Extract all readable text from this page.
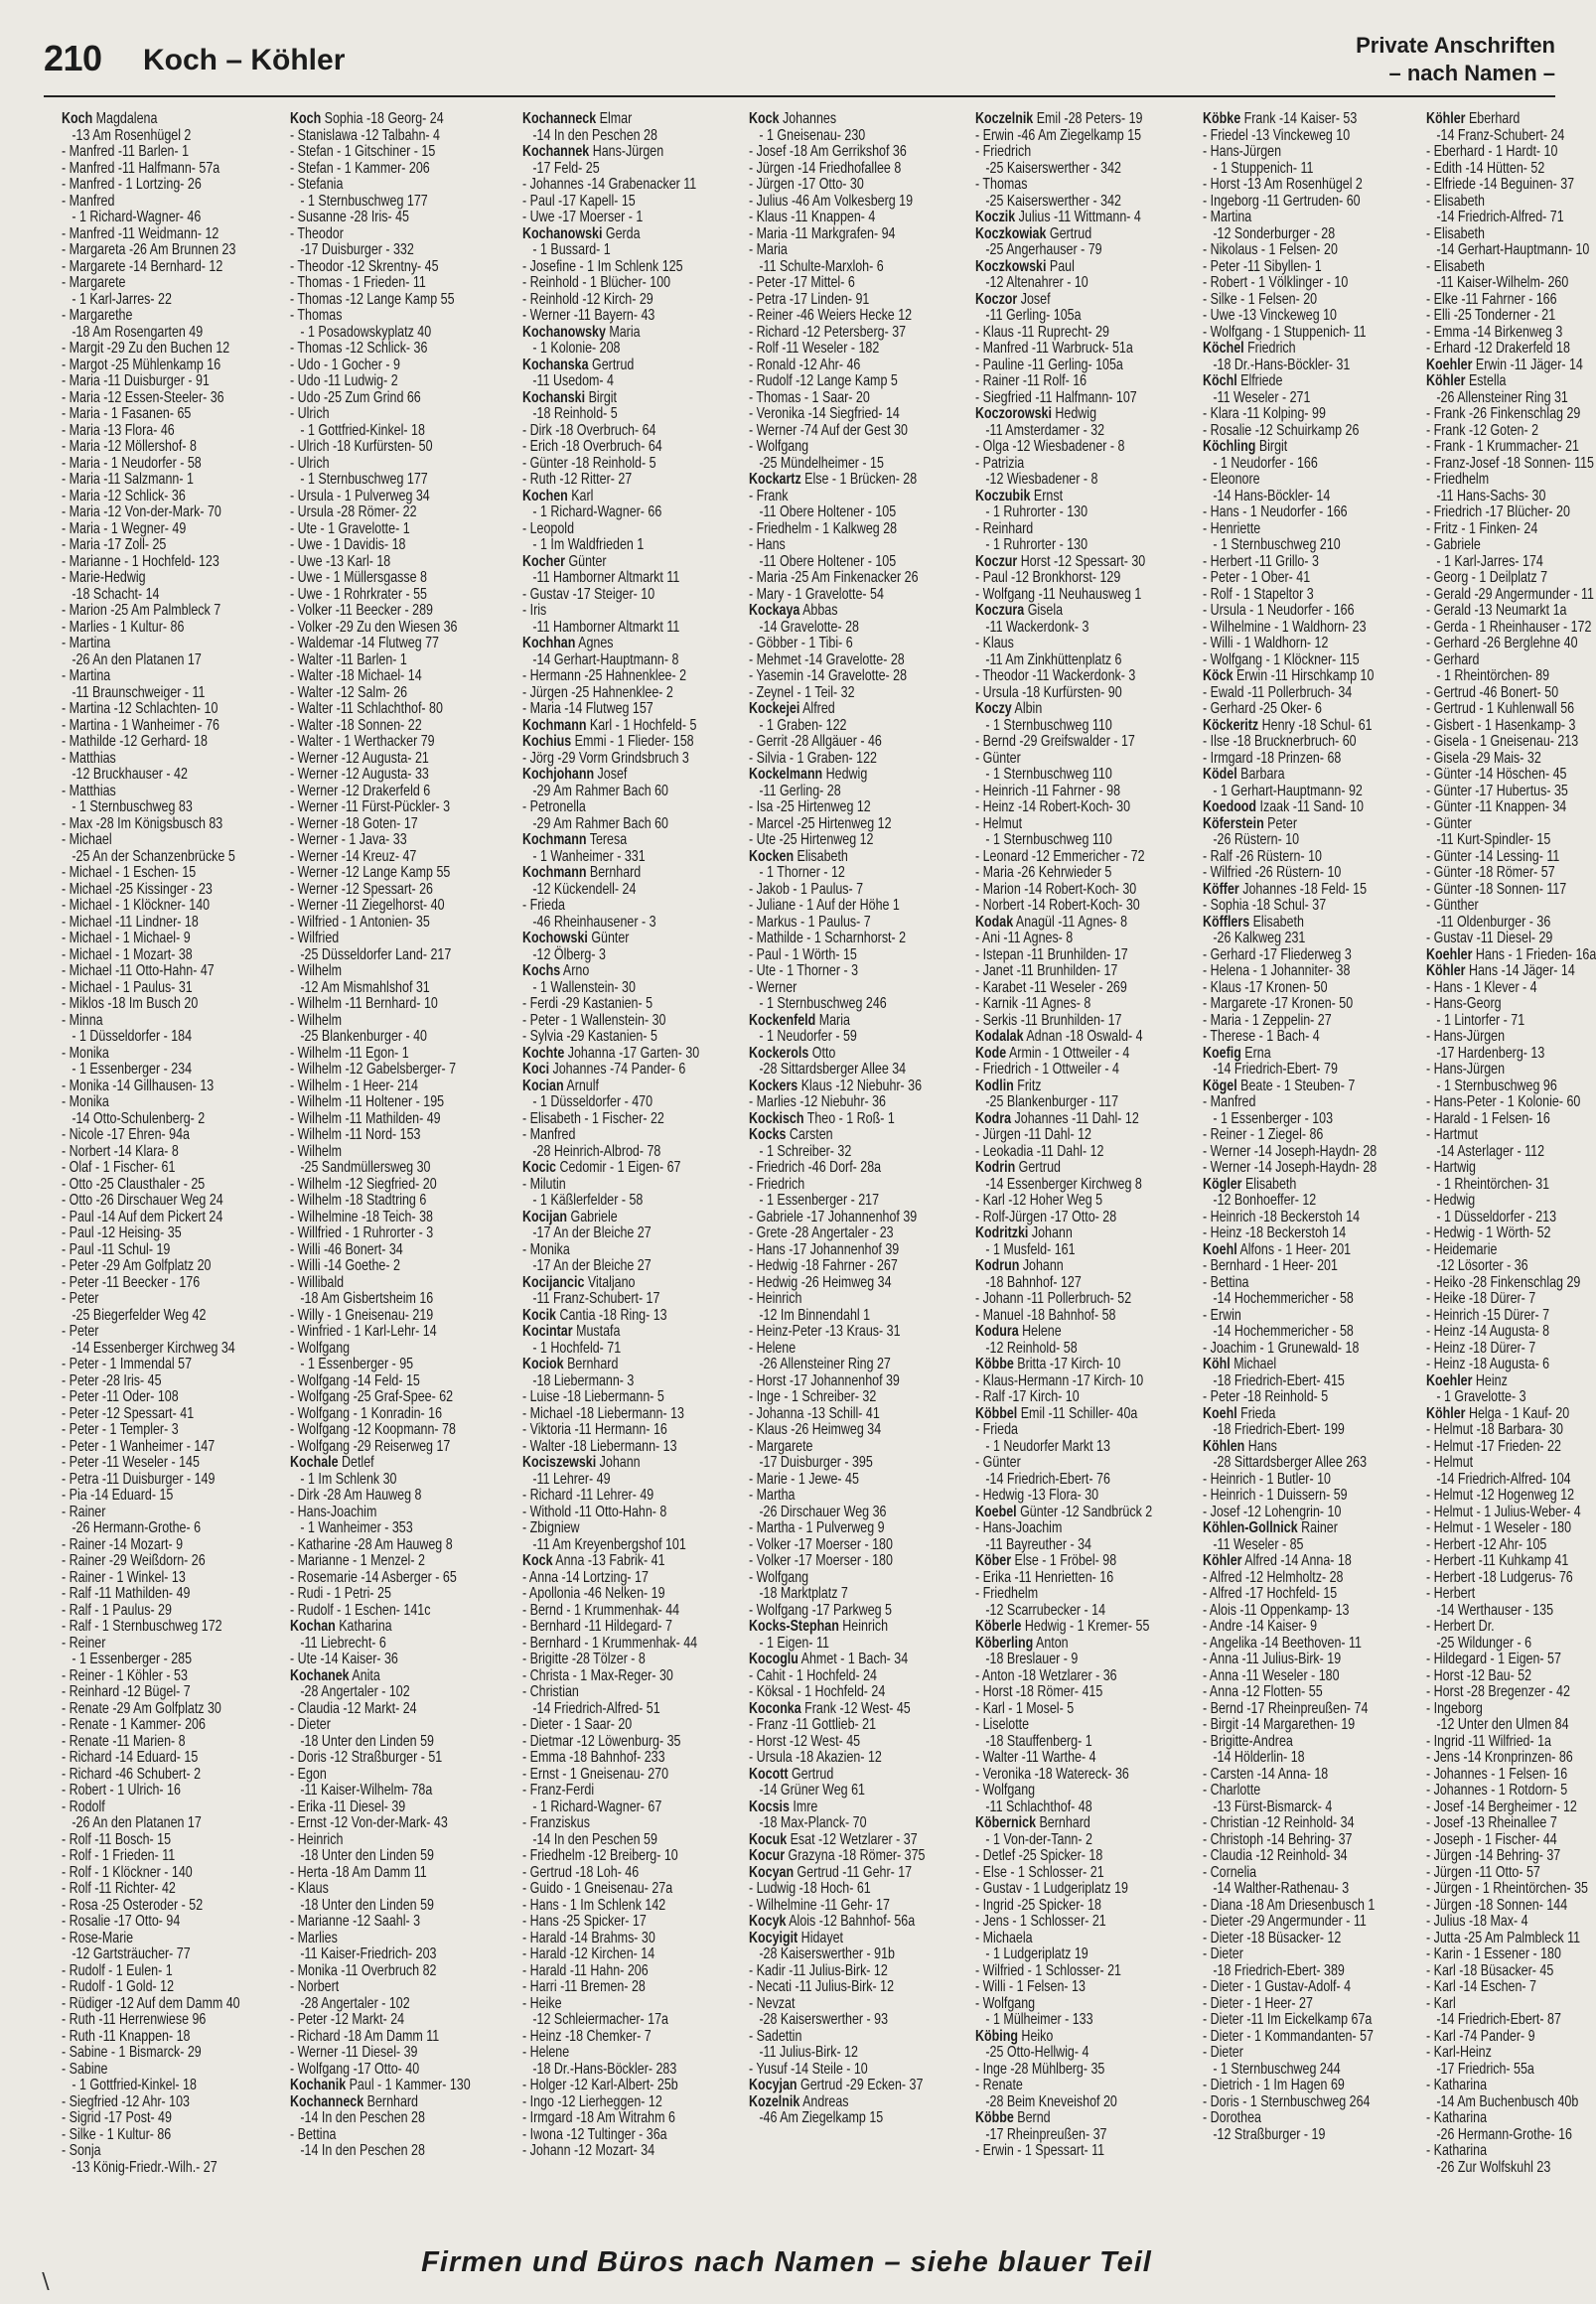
210 Koch – Köhler	Private Anschriften
– nach Namen –
Koch Magdalena
-13 Am Rosenhügel 2
- Manfred -11 Barlen- 1
- Manfred -11 Halfmann- 57a
- Manfred - 1 Lortzing- 26
- Manfred
- 1 Richard-Wagner- 46
- Manfred -11 Weidmann- 12
- Margareta -26 Am Brunnen 23
- Margarete -14 Bernhard- 12
- Margarete
- 1 Karl-Jarres- 22
- Margarethe
-18 Am Rosengarten 49
- Margit -29 Zu den Buchen 12
- Margot -25 Mühlenkamp 16
- Maria -11 Duisburger - 91
- Maria -12 Essen-Steeler- 36
- Maria - 1 Fasanen- 65
- Maria -13 Flora- 46
- Maria -12 Möllershof- 8
- Maria - 1 Neudorfer - 58
- Maria -11 Salzmann- 1
- Maria -12 Schlick- 36
- Maria -12 Von-der-Mark- 70
- Maria - 1 Wegner- 49
- Maria -17 Zoll- 25
- Marianne - 1 Hochfeld- 123
- Marie-Hedwig
-18 Schacht- 14
- Marion -25 Am Palmbleck 7
- Marlies - 1 Kultur- 86
- Martina
-26 An den Platanen 17
- Martina
-11 Braunschweiger - 11
- Martina -12 Schlachten- 10
- Martina - 1 Wanheimer - 76
- Mathilde -12 Gerhard- 18
- Matthias
-12 Bruckhauser - 42
- Matthias
- 1 Sternbuschweg 83
- Max -28 Im Königsbusch 83
- Michael
-25 An der Schanzenbrücke 5
- Michael - 1 Eschen- 15
- Michael -25 Kissinger - 23
- Michael - 1 Klöckner- 140
- Michael -11 Lindner- 18
- Michael - 1 Michael- 9
- Michael - 1 Mozart- 38
- Michael -11 Otto-Hahn- 47
- Michael - 1 Paulus- 31
- Miklos -18 Im Busch 20
- Minna
- 1 Düsseldorfer - 184
- Monika
- 1 Essenberger - 234
- Monika -14 Gillhausen- 13
- Monika
-14 Otto-Schulenberg- 2
- Nicole -17 Ehren- 94a
- Norbert -14 Klara- 8
- Olaf - 1 Fischer- 61
- Otto -25 Clausthaler - 25
- Otto -26 Dirschauer Weg 24
- Paul -14 Auf dem Pickert 24
- Paul -12 Heising- 35
- Paul -11 Schul- 19
- Peter -29 Am Golfplatz 20
- Peter -11 Beecker - 176
- Peter
-25 Biegerfelder Weg 42
- Peter
-14 Essenberger Kirchweg 34
- Peter - 1 Immendal 57
- Peter -28 Iris- 45
- Peter -11 Oder- 108
- Peter -12 Spessart- 41
- Peter - 1 Templer- 3
- Peter - 1 Wanheimer - 147
- Peter -11 Weseler - 145
- Petra -11 Duisburger - 149
- Pia -14 Eduard- 15
- Rainer
-26 Hermann-Grothe- 6
- Rainer -14 Mozart- 9
- Rainer -29 Weißdorn- 26
- Rainer - 1 Winkel- 13
- Ralf -11 Mathilden- 49
- Ralf - 1 Paulus- 29
- Ralf - 1 Sternbuschweg 172
- Reiner
- 1 Essenberger - 285
- Reiner - 1 Köhler - 53
- Reinhard -12 Bügel- 7
- Renate -29 Am Golfplatz 30
- Renate - 1 Kammer- 206
- Renate -11 Marien- 8
- Richard -14 Eduard- 15
- Richard -46 Schubert- 2
- Robert - 1 Ulrich- 16
- Rodolf
-26 An den Platanen 17
- Rolf -11 Bosch- 15
- Rolf - 1 Frieden- 11
- Rolf - 1 Klöckner - 140
- Rolf -11 Richter- 42
- Rosa -25 Osteroder - 52
- Rosalie -17 Otto- 94
- Rose-Marie
-12 Gartsträucher- 77
- Rudolf - 1 Eulen- 1
- Rudolf - 1 Gold- 12
- Rüdiger -12 Auf dem Damm 40
- Ruth -11 Herrenwiese 96
- Ruth -11 Knappen- 18
- Sabine - 1 Bismarck- 29
- Sabine
- 1 Gottfried-Kinkel- 18
- Siegfried -12 Ahr- 103
- Sigrid -17 Post- 49
- Silke - 1 Kultur- 86
- Sonja
-13 König-Friedr.-Wilh.- 27
Koch Sophia -18 Georg- 24
- Stanislawa -12 Talbahn- 4
- Stefan - 1 Gitschiner - 15
- Stefan - 1 Kammer- 206
- Stefania
- 1 Sternbuschweg 177
- Susanne -28 Iris- 45
- Theodor
-17 Duisburger - 332
- Theodor -12 Skrentny- 45
- Thomas - 1 Frieden- 11
- Thomas -12 Lange Kamp 55
- Thomas
- 1 Posadowskyplatz 40
- Thomas -12 Schlick- 36
- Udo - 1 Gocher - 9
- Udo -11 Ludwig- 2
- Udo -25 Zum Grind 66
- Ulrich
- 1 Gottfried-Kinkel- 18
- Ulrich -18 Kurfürsten- 50
- Ulrich
- 1 Sternbuschweg 177
- Ursula - 1 Pulverweg 34
- Ursula -28 Römer- 22
- Ute - 1 Gravelotte- 1
- Uwe - 1 Davidis- 18
- Uwe -13 Karl- 18
- Uwe - 1 Müllersgasse 8
- Uwe - 1 Rohrkrater - 55
- Volker -11 Beecker - 289
- Volker -29 Zu den Wiesen 36
- Waldemar -14 Flutweg 77
- Walter -11 Barlen- 1
- Walter -18 Michael- 14
- Walter -12 Salm- 26
- Walter -11 Schlachthof- 80
- Walter -18 Sonnen- 22
- Walter - 1 Werthacker 79
- Werner -12 Augusta- 21
- Werner -12 Augusta- 33
- Werner -12 Drakerfeld 6
- Werner -11 Fürst-Pückler- 3
- Werner -18 Goten- 17
- Werner - 1 Java- 33
- Werner -14 Kreuz- 47
- Werner -12 Lange Kamp 55
- Werner -12 Spessart- 26
- Werner -11 Ziegelhorst- 40
- Wilfried - 1 Antonien- 35
- Wilfried
-25 Düsseldorfer Land- 217
- Wilhelm
-12 Am Mismahlshof 31
- Wilhelm -11 Bernhard- 10
- Wilhelm
-25 Blankenburger - 40
- Wilhelm -11 Egon- 1
- Wilhelm -12 Gabelsberger- 7
- Wilhelm - 1 Heer- 214
- Wilhelm -11 Holtener - 195
- Wilhelm -11 Mathilden- 49
- Wilhelm -11 Nord- 153
- Wilhelm
-25 Sandmüllersweg 30
- Wilhelm -12 Siegfried- 20
- Wilhelm -18 Stadtring 6
- Wilhelmine -18 Teich- 38
- Willfried - 1 Ruhrorter - 3
- Willi -46 Bonert- 34
- Willi -14 Goethe- 2
- Willibald
-18 Am Gisbertsheim 16
- Willy - 1 Gneisenau- 219
- Winfried - 1 Karl-Lehr- 14
- Wolfgang
- 1 Essenberger - 95
- Wolfgang -14 Feld- 15
- Wolfgang -25 Graf-Spee- 62
- Wolfgang - 1 Konradin- 16
- Wolfgang -12 Koopmann- 78
- Wolfgang -29 Reiserweg 17
Kochale Detlef
- 1 Im Schlenk 30
- Dirk -28 Am Hauweg 8
- Hans-Joachim
- 1 Wanheimer - 353
- Katharine -28 Am Hauweg 8
- Marianne - 1 Menzel- 2
- Rosemarie -14 Asberger - 65
- Rudi - 1 Petri- 25
- Rudolf - 1 Eschen- 141c
Kochan Katharina
-11 Liebrecht- 6
- Ute -14 Kaiser- 36
Kochanek Anita
-28 Angertaler - 102
- Claudia -12 Markt- 24
- Dieter
-18 Unter den Linden 59
- Doris -12 Straßburger - 51
- Egon
-11 Kaiser-Wilhelm- 78a
- Erika -11 Diesel- 39
- Ernst -12 Von-der-Mark- 43
- Heinrich
-18 Unter den Linden 59
- Herta -18 Am Damm 11
- Klaus
-18 Unter den Linden 59
- Marianne -12 Saahl- 3
- Marlies
-11 Kaiser-Friedrich- 203
- Monika -11 Overbruch 82
- Norbert
-28 Angertaler - 102
- Peter -12 Markt- 24
- Richard -18 Am Damm 11
- Werner -11 Diesel- 39
- Wolfgang -17 Otto- 40
Kochanik Paul - 1 Kammer- 130
Kochanneck Bernhard
-14 In den Peschen 28
- Bettina
-14 In den Peschen 28
Kochanneck Elmar
-14 In den Peschen 28
Kochannek Hans-Jürgen
-17 Feld- 25
- Johannes -14 Grabenacker 11
- Paul -17 Kapell- 15
- Uwe -17 Moerser - 1
Kochanowski Gerda
- 1 Bussard- 1
- Josefine - 1 Im Schlenk 125
- Reinhold - 1 Blücher- 100
- Reinhold -12 Kirch- 29
- Werner -11 Bayern- 43
Kochanowsky Maria
- 1 Kolonie- 208
Kochanska Gertrud
-11 Usedom- 4
Kochanski Birgit
-18 Reinhold- 5
- Dirk -18 Overbruch- 64
- Erich -18 Overbruch- 64
- Günter -18 Reinhold- 5
- Ruth -12 Ritter- 27
Kochen Karl
- 1 Richard-Wagner- 66
- Leopold
- 1 Im Waldfrieden 1
Kocher Günter
-11 Hamborner Altmarkt 11
- Gustav -17 Steiger- 10
- Iris
-11 Hamborner Altmarkt 11
Kochhan Agnes
-14 Gerhart-Hauptmann- 8
- Hermann -25 Hahnenklee- 2
- Jürgen -25 Hahnenklee- 2
- Maria -14 Flutweg 157
Kochmann Karl - 1 Hochfeld- 5
Kochius Emmi - 1 Flieder- 158
- Jörg -29 Vorm Grindsbruch 3
Kochjohann Josef
-29 Am Rahmer Bach 60
- Petronella
-29 Am Rahmer Bach 60
Kochmann Teresa
- 1 Wanheimer - 331
Kochmann Bernhard
-12 Kückendell- 24
- Frieda
-46 Rheinhausener - 3
Kochowski Günter
-12 Ölberg- 3
Kochs Arno
- 1 Wallenstein- 30
- Ferdi -29 Kastanien- 5
- Peter - 1 Wallenstein- 30
- Sylvia -29 Kastanien- 5
Kochte Johanna -17 Garten- 30
Koci Johannes -74 Pander- 6
Kocian Arnulf
- 1 Düsseldorfer - 470
- Elisabeth - 1 Fischer- 22
- Manfred
-28 Heinrich-Albrod- 78
Kocic Cedomir - 1 Eigen- 67
- Milutin
- 1 Käßlerfelder - 58
Kocijan Gabriele
-17 An der Bleiche 27
- Monika
-17 An der Bleiche 27
Kocijancic Vitaljano
-11 Franz-Schubert- 17
Kocik Cantia -18 Ring- 13
Kocintar Mustafa
- 1 Hochfeld- 71
Kociok Bernhard
-18 Liebermann- 3
- Luise -18 Liebermann- 5
- Michael -18 Liebermann- 13
- Viktoria -11 Hermann- 16
- Walter -18 Liebermann- 13
Kociszewski Johann
-11 Lehrer- 49
- Richard -11 Lehrer- 49
- Withold -11 Otto-Hahn- 8
- Zbigniew
-11 Am Kreyenbergshof 101
Kock Anna -13 Fabrik- 41
- Anna -14 Lortzing- 17
- Apollonia -46 Nelken- 19
- Bernd - 1 Krummenhak- 44
- Bernhard -11 Hildegard- 7
- Bernhard - 1 Krummenhak- 44
- Brigitte -28 Tölzer - 8
- Christa - 1 Max-Reger- 30
- Christian
-14 Friedrich-Alfred- 51
- Dieter - 1 Saar- 20
- Dietmar -12 Löwenburg- 35
- Emma -18 Bahnhof- 233
- Ernst - 1 Gneisenau- 270
- Franz-Ferdi
- 1 Richard-Wagner- 67
- Franziskus
-14 In den Peschen 59
- Friedhelm -12 Breiberg- 10
- Gertrud -18 Loh- 46
- Guido - 1 Gneisenau- 27a
- Hans - 1 Im Schlenk 142
- Hans -25 Spicker- 17
- Harald -14 Brahms- 30
- Harald -12 Kirchen- 14
- Harald -11 Hahn- 206
- Harri -11 Bremen- 28
- Heike
-12 Schleiermacher- 17a
- Heinz -18 Chemker- 7
- Helene
-18 Dr.-Hans-Böckler- 283
- Holger -12 Karl-Albert- 25b
- Ingo -12 Lierheggen- 12
- Irmgard -18 Am Witrahm 6
- Iwona -12 Tultinger - 36a
- Johann -12 Mozart- 34
Kock Johannes
- 1 Gneisenau- 230
- Josef -18 Am Gerrikshof 36
- Jürgen -14 Friedhofallee 8
- Jürgen -17 Otto- 30
- Julius -46 Am Volkesberg 19
- Klaus -11 Knappen- 4
- Maria -11 Markgrafen- 94
- Maria
-11 Schulte-Marxloh- 6
- Peter -17 Mittel- 6
- Petra -17 Linden- 91
- Reiner -46 Weiers Hecke 12
- Richard -12 Petersberg- 37
- Rolf -11 Weseler - 182
- Ronald -12 Ahr- 46
- Rudolf -12 Lange Kamp 5
- Thomas - 1 Saar- 20
- Veronika -14 Siegfried- 14
- Werner -74 Auf der Gest 30
- Wolfgang
-25 Mündelheimer - 15
Kockartz Else - 1 Brücken- 28
- Frank
-11 Obere Holtener - 105
- Friedhelm - 1 Kalkweg 28
- Hans
-11 Obere Holtener - 105
- Maria -25 Am Finkenacker 26
- Mary - 1 Gravelotte- 54
Kockaya Abbas
-14 Gravelotte- 28
- Göbber - 1 Tibi- 6
- Mehmet -14 Gravelotte- 28
- Yasemin -14 Gravelotte- 28
- Zeynel - 1 Teil- 32
Kockejei Alfred
- 1 Graben- 122
- Gerrit -28 Allgäuer - 46
- Silvia - 1 Graben- 122
Kockelmann Hedwig
-11 Gerling- 28
- Isa -25 Hirtenweg 12
- Marcel -25 Hirtenweg 12
- Ute -25 Hirtenweg 12
Kocken Elisabeth
- 1 Thorner - 12
- Jakob - 1 Paulus- 7
- Juliane - 1 Auf der Höhe 1
- Markus - 1 Paulus- 7
- Mathilde - 1 Scharnhorst- 2
- Paul - 1 Wörth- 15
- Ute - 1 Thorner - 3
- Werner
- 1 Sternbuschweg 246
Kockenfeld Maria
- 1 Neudorfer - 59
Kockerols Otto
-28 Sittardsberger Allee 34
Kockers Klaus -12 Niebuhr- 36
- Marlies -12 Niebuhr- 36
Kockisch Theo - 1 Roß- 1
Kocks Carsten
- 1 Schreiber- 32
- Friedrich -46 Dorf- 28a
- Friedrich
- 1 Essenberger - 217
- Gabriele -17 Johannenhof 39
- Grete -28 Angertaler - 23
- Hans -17 Johannenhof 39
- Hedwig -18 Fahrner - 267
- Hedwig -26 Heimweg 34
- Heinrich
-12 Im Binnendahl 1
- Heinz-Peter -13 Kraus- 31
- Helene
-26 Allensteiner Ring 27
- Horst -17 Johannenhof 39
- Inge - 1 Schreiber- 32
- Johanna -13 Schill- 41
- Klaus -26 Heimweg 34
- Margarete
-17 Duisburger - 395
- Marie - 1 Jewe- 45
- Martha
-26 Dirschauer Weg 36
- Martha - 1 Pulverweg 9
- Volker -17 Moerser - 180
- Volker -17 Moerser - 180
- Wolfgang
-18 Marktplatz 7
- Wolfgang -17 Parkweg 5
Kocks-Stephan Heinrich
- 1 Eigen- 11
Kocoglu Ahmet - 1 Bach- 34
- Cahit - 1 Hochfeld- 24
- Köksal - 1 Hochfeld- 24
Koconka Frank -12 West- 45
- Franz -11 Gottlieb- 21
- Horst -12 West- 45
- Ursula -18 Akazien- 12
Kocott Gertrud
-14 Grüner Weg 61
Kocsis Imre
-18 Max-Planck- 70
Kocuk Esat -12 Wetzlarer - 37
Kocur Grazyna -18 Römer- 375
Kocyan Gertrud -11 Gehr- 17
- Ludwig -18 Hoch- 61
- Wilhelmine -11 Gehr- 17
Kocyk Alois -12 Bahnhof- 56a
Kocyigit Hidayet
-28 Kaiserswerther - 91b
- Kadir -11 Julius-Birk- 12
- Necati -11 Julius-Birk- 12
- Nevzat
-28 Kaiserswerther - 93
- Sadettin
-11 Julius-Birk- 12
- Yusuf -14 Steile - 10
Kocyjan Gertrud -29 Ecken- 37
Kozelnik Andreas
-46 Am Ziegelkamp 15
Koczelnik Emil -28 Peters- 19
- Erwin -46 Am Ziegelkamp 15
- Friedrich
-25 Kaiserswerther - 342
- Thomas
-25 Kaiserswerther - 342
Koczik Julius -11 Wittmann- 4
Koczkowiak Gertrud
-25 Angerhauser - 79
Koczkowski Paul
-12 Altenahrer - 10
Koczor Josef
-11 Gerling- 105a
- Klaus -11 Ruprecht- 29
- Manfred -11 Warbruck- 51a
- Pauline -11 Gerling- 105a
- Rainer -11 Rolf- 16
- Siegfried -11 Halfmann- 107
Koczorowski Hedwig
-11 Amsterdamer - 32
- Olga -12 Wiesbadener - 8
- Patrizia
-12 Wiesbadener - 8
Koczubik Ernst
- 1 Ruhrorter - 130
- Reinhard
- 1 Ruhrorter - 130
Koczur Horst -12 Spessart- 30
- Paul -12 Bronkhorst- 129
- Wolfgang -11 Neuhausweg 1
Koczura Gisela
-11 Wackerdonk- 3
- Klaus
-11 Am Zinkhüttenplatz 6
- Theodor -11 Wackerdonk- 3
- Ursula -18 Kurfürsten- 90
Koczy Albin
- 1 Sternbuschweg 110
- Bernd -29 Greifswalder - 17
- Günter
- 1 Sternbuschweg 110
- Heinrich -11 Fahrner - 98
- Heinz -14 Robert-Koch- 30
- Helmut
- 1 Sternbuschweg 110
- Leonard -12 Emmericher - 72
- Maria -26 Kehrwieder 5
- Marion -14 Robert-Koch- 30
- Norbert -14 Robert-Koch- 30
Kodak Anagül -11 Agnes- 8
- Ani -11 Agnes- 8
- Istepan -11 Brunhilden- 17
- Janet -11 Brunhilden- 17
- Karabet -11 Weseler - 269
- Karnik -11 Agnes- 8
- Serkis -11 Brunhilden- 17
Kodalak Adnan -18 Oswald- 4
Kode Armin - 1 Ottweiler - 4
- Friedrich - 1 Ottweiler - 4
Kodlin Fritz
-25 Blankenburger - 117
Kodra Johannes -11 Dahl- 12
- Jürgen -11 Dahl- 12
- Leokadia -11 Dahl- 12
Kodrin Gertrud
-14 Essenberger Kirchweg 8
- Karl -12 Hoher Weg 5
- Rolf-Jürgen -17 Otto- 28
Kodritzki Johann
- 1 Musfeld- 161
Kodrun Johann
-18 Bahnhof- 127
- Johann -11 Pollerbruch- 52
- Manuel -18 Bahnhof- 58
Kodura Helene
-12 Reinhold- 58
Köbbe Britta -17 Kirch- 10
- Klaus-Hermann -17 Kirch- 10
- Ralf -17 Kirch- 10
Köbbel Emil -11 Schiller- 40a
- Frieda
- 1 Neudorfer Markt 13
- Günter
-14 Friedrich-Ebert- 76
- Hedwig -13 Flora- 30
Koebel Günter -12 Sandbrück 2
- Hans-Joachim
-11 Bayreuther - 34
Köber Else - 1 Fröbel- 98
- Erika -11 Henrietten- 16
- Friedhelm
-12 Scarrubecker - 14
Köberle Hedwig - 1 Kremer- 55
Köberling Anton
-18 Breslauer - 9
- Anton -18 Wetzlarer - 36
- Horst -18 Römer- 415
- Karl - 1 Mosel- 5
- Liselotte
-18 Stauffenberg- 1
- Walter -11 Warthe- 4
- Veronika -18 Watereck- 36
- Wolfgang
-11 Schlachthof- 48
Köbernick Bernhard
- 1 Von-der-Tann- 2
- Detlef -25 Spicker- 18
- Else - 1 Schlosser- 21
- Gustav - 1 Ludgeriplatz 19
- Ingrid -25 Spicker- 18
- Jens - 1 Schlosser- 21
- Michaela
- 1 Ludgeriplatz 19
- Wilfried - 1 Schlosser- 21
- Willi - 1 Felsen- 13
- Wolfgang
- 1 Mülheimer - 133
Köbing Heiko
-25 Otto-Hellwig- 4
- Inge -28 Mühlberg- 35
- Renate
-28 Beim Kneveishof 20
Köbbe Bernd
-17 Rheinpreußen- 37
- Erwin - 1 Spessart- 11
Köbke Frank -14 Kaiser- 53
- Friedel -13 Vinckeweg 10
- Hans-Jürgen
- 1 Stuppenich- 11
- Horst -13 Am Rosenhügel 2
- Ingeborg -11 Gertruden- 60
- Martina
-12 Sonderburger - 28
- Nikolaus - 1 Felsen- 20
- Peter -11 Sibyllen- 1
- Robert - 1 Völklinger - 10
- Silke - 1 Felsen- 20
- Uwe -13 Vinckeweg 10
- Wolfgang - 1 Stuppenich- 11
Köchel Friedrich
-18 Dr.-Hans-Böckler- 31
Köchl Elfriede
-11 Weseler - 271
- Klara -11 Kolping- 99
- Rosalie -12 Schuirkamp 26
Köchling Birgit
- 1 Neudorfer - 166
- Eleonore
-14 Hans-Böckler- 14
- Hans - 1 Neudorfer - 166
- Henriette
- 1 Sternbuschweg 210
- Herbert -11 Grillo- 3
- Peter - 1 Ober- 41
- Rolf - 1 Stapeltor 3
- Ursula - 1 Neudorfer - 166
- Wilhelmine - 1 Waldhorn- 23
- Willi - 1 Waldhorn- 12
- Wolfgang - 1 Klöckner- 115
Köck Erwin -11 Hirschkamp 10
- Ewald -11 Pollerbruch- 34
- Gerhard -25 Oker- 6
Köckeritz Henry -18 Schul- 61
- Ilse -18 Brucknerbruch- 60
- Irmgard -18 Prinzen- 68
Ködel Barbara
- 1 Gerhart-Hauptmann- 92
Koedood Izaak -11 Sand- 10
Köferstein Peter
-26 Rüstern- 10
- Ralf -26 Rüstern- 10
- Wilfried -26 Rüstern- 10
Köffer Johannes -18 Feld- 15
- Sophia -18 Schul- 37
Köfflers Elisabeth
-26 Kalkweg 231
- Gerhard -17 Fliederweg 3
- Helena - 1 Johanniter- 38
- Klaus -17 Kronen- 50
- Margarete -17 Kronen- 50
- Maria - 1 Zeppelin- 27
- Therese - 1 Bach- 4
Koefig Erna
-14 Friedrich-Ebert- 79
Kögel Beate - 1 Steuben- 7
- Manfred
- 1 Essenberger - 103
- Reiner - 1 Ziegel- 86
- Werner -14 Joseph-Haydn- 28
- Werner -14 Joseph-Haydn- 28
Kögler Elisabeth
-12 Bonhoeffer- 12
- Heinrich -18 Beckerstoh 14
- Heinz -18 Beckerstoh 14
Koehl Alfons - 1 Heer- 201
- Bernhard - 1 Heer- 201
- Bettina
-14 Hochemmericher - 58
- Erwin
-14 Hochemmericher - 58
- Joachim - 1 Grunewald- 18
Köhl Michael
-18 Friedrich-Ebert- 415
- Peter -18 Reinhold- 5
Koehl Frieda
-18 Friedrich-Ebert- 199
Köhlen Hans
-28 Sittardsberger Allee 263
- Heinrich - 1 Butler- 10
- Heinrich - 1 Duissern- 59
- Josef -12 Lohengrin- 10
Köhlen-Gollnick Rainer
-11 Weseler - 85
Köhler Alfred -14 Anna- 18
- Alfred -12 Helmholtz- 28
- Alfred -17 Hochfeld- 15
- Alois -11 Oppenkamp- 13
- Andre -14 Kaiser- 9
- Angelika -14 Beethoven- 11
- Anna -11 Julius-Birk- 19
- Anna -11 Weseler - 180
- Anna -12 Flotten- 55
- Bernd -17 Rheinpreußen- 74
- Birgit -14 Margarethen- 19
- Brigitte-Andrea
-14 Hölderlin- 18
- Carsten -14 Anna- 18
- Charlotte
-13 Fürst-Bismarck- 4
- Christian -12 Reinhold- 34
- Christoph -14 Behring- 37
- Claudia -12 Reinhold- 34
- Cornelia
-14 Walther-Rathenau- 3
- Diana -18 Am Driesenbusch 1
- Dieter -29 Angermunder - 11
- Dieter -18 Büsacker- 12
- Dieter
-18 Friedrich-Ebert- 389
- Dieter - 1 Gustav-Adolf- 4
- Dieter - 1 Heer- 27
- Dieter -11 Im Eickelkamp 67a
- Dieter - 1 Kommandanten- 57
- Dieter
- 1 Sternbuschweg 244
- Dietrich - 1 Im Hagen 69
- Doris - 1 Sternbuschweg 264
- Dorothea
-12 Straßburger - 19
Köhler Eberhard
-14 Franz-Schubert- 24
- Eberhard - 1 Hardt- 10
- Edith -14 Hütten- 52
- Elfriede -14 Beguinen- 37
- Elisabeth
-14 Friedrich-Alfred- 71
- Elisabeth
-14 Gerhart-Hauptmann- 10
- Elisabeth
-11 Kaiser-Wilhelm- 260
- Elke -11 Fahrner - 166
- Elli -25 Tonderner - 21
- Emma -14 Birkenweg 3
- Erhard -12 Drakerfeld 18
Koehler Erwin -11 Jäger- 14
Köhler Estella
-26 Allensteiner Ring 31
- Frank -26 Finkenschlag 29
- Frank -12 Goten- 2
- Frank - 1 Krummacher- 21
- Franz-Josef -18 Sonnen- 115
- Friedhelm
-11 Hans-Sachs- 30
- Friedrich -17 Blücher- 20
- Fritz - 1 Finken- 24
- Gabriele
- 1 Karl-Jarres- 174
- Georg - 1 Deilplatz 7
- Gerald -29 Angermunder - 11
- Gerald -13 Neumarkt 1a
- Gerda - 1 Rheinhauser - 172
- Gerhard -26 Berglehne 40
- Gerhard
- 1 Rheintörchen- 89
- Gertrud -46 Bonert- 50
- Gertrud - 1 Kuhlenwall 56
- Gisbert - 1 Hasenkamp- 3
- Gisela - 1 Gneisenau- 213
- Gisela -29 Mais- 32
- Günter -14 Höschen- 45
- Günter -17 Hubertus- 35
- Günter -11 Knappen- 34
- Günter
-11 Kurt-Spindler- 15
- Günter -14 Lessing- 11
- Günter -18 Römer- 57
- Günter -18 Sonnen- 117
- Günther
-11 Oldenburger - 36
- Gustav -11 Diesel- 29
Koehler Hans - 1 Frieden- 16a
Köhler Hans -14 Jäger- 14
- Hans - 1 Klever - 4
- Hans-Georg
- 1 Lintorfer - 71
- Hans-Jürgen
-17 Hardenberg- 13
- Hans-Jürgen
- 1 Sternbuschweg 96
- Hans-Peter - 1 Kolonie- 60
- Harald - 1 Felsen- 16
- Hartmut
-14 Asterlager - 112
- Hartwig
- 1 Rheintörchen- 31
- Hedwig
- 1 Düsseldorfer - 213
- Hedwig - 1 Wörth- 52
- Heidemarie
-12 Lösorter - 36
- Heiko -28 Finkenschlag 29
- Heike -18 Dürer- 7
- Heinrich -15 Dürer- 7
- Heinz -14 Augusta- 8
- Heinz -18 Dürer- 7
- Heinz -18 Augusta- 6
Koehler Heinz
- 1 Gravelotte- 3
Köhler Helga - 1 Kauf- 20
- Helmut -18 Barbara- 30
- Helmut -17 Frieden- 22
- Helmut
-14 Friedrich-Alfred- 104
- Helmut -12 Hogenweg 12
- Helmut - 1 Julius-Weber- 4
- Helmut - 1 Weseler - 180
- Herbert -12 Ahr- 105
- Herbert -11 Kuhkamp 41
- Herbert -18 Ludgerus- 76
- Herbert
-14 Werthauser - 135
- Herbert Dr.
-25 Wildunger - 6
- Hildegard - 1 Eigen- 57
- Horst -12 Bau- 52
- Horst -28 Bregenzer - 42
- Ingeborg
-12 Unter den Ulmen 84
- Ingrid -11 Wilfried- 1a
- Jens -14 Kronprinzen- 86
- Johannes - 1 Felsen- 16
- Johannes - 1 Rotdorn- 5
- Josef -14 Bergheimer - 12
- Josef -13 Rheinallee 7
- Joseph - 1 Fischer- 44
- Jürgen -14 Behring- 37
- Jürgen -11 Otto- 57
- Jürgen - 1 Rheintörchen- 35
- Jürgen -18 Sonnen- 144
- Julius -18 Max- 4
- Jutta -25 Am Palmbleck 11
- Karin - 1 Essener - 180
- Karl -18 Büsacker- 45
- Karl -14 Eschen- 7
- Karl
-14 Friedrich-Ebert- 87
- Karl -74 Pander- 9
- Karl-Heinz
-17 Friedrich- 55a
- Katharina
-14 Am Buchenbusch 40b
- Katharina
-26 Hermann-Grothe- 16
- Katharina
-26 Zur Wolfskuhl 23
Firmen und Büros nach Namen – siehe blauer Teil
∖
